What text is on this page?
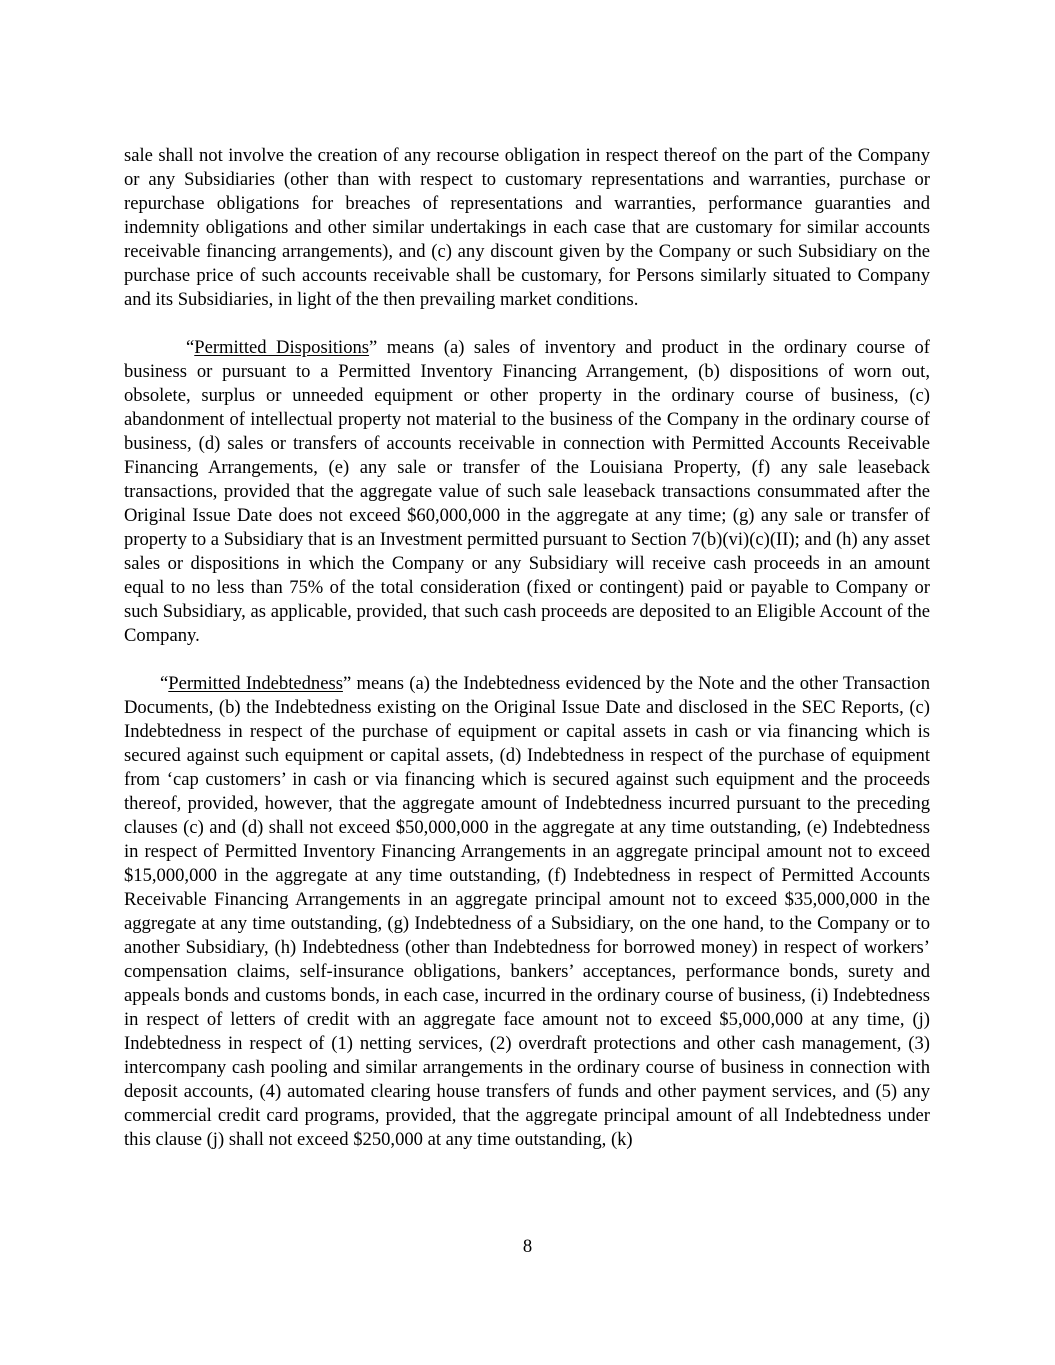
sale shall not involve the creation of any recourse obligation in respect thereof on the part of the Company or any Subsidiaries (other than with respect to customary representations and warranties, purchase or repurchase obligations for breaches of representations and warranties, performance guaranties and indemnity obligations and other similar undertakings in each case that are customary for similar accounts receivable financing arrangements), and (c) any discount given by the Company or such Subsidiary on the purchase price of such accounts receivable shall be customary, for Persons similarly situated to Company and its Subsidiaries, in light of the then prevailing market conditions.

“Permitted Dispositions” means (a) sales of inventory and product in the ordinary course of business or pursuant to a Permitted Inventory Financing Arrangement, (b) dispositions of worn out, obsolete, surplus or unneeded equipment or other property in the ordinary course of business, (c) abandonment of intellectual property not material to the business of the Company in the ordinary course of business, (d) sales or transfers of accounts receivable in connection with Permitted Accounts Receivable Financing Arrangements, (e) any sale or transfer of the Louisiana Property, (f) any sale leaseback transactions, provided that the aggregate value of such sale leaseback transactions consummated after the Original Issue Date does not exceed $60,000,000 in the aggregate at any time; (g) any sale or transfer of property to a Subsidiary that is an Investment permitted pursuant to Section 7(b)(vi)(c)(II); and (h) any asset sales or dispositions in which the Company or any Subsidiary will receive cash proceeds in an amount equal to no less than 75% of the total consideration (fixed or contingent) paid or payable to Company or such Subsidiary, as applicable, provided, that such cash proceeds are deposited to an Eligible Account of the Company.

“Permitted Indebtedness” means (a) the Indebtedness evidenced by the Note and the other Transaction Documents, (b) the Indebtedness existing on the Original Issue Date and disclosed in the SEC Reports, (c) Indebtedness in respect of the purchase of equipment or capital assets in cash or via financing which is secured against such equipment or capital assets, (d) Indebtedness in respect of the purchase of equipment from ‘cap customers’ in cash or via financing which is secured against such equipment and the proceeds thereof, provided, however, that the aggregate amount of Indebtedness incurred pursuant to the preceding clauses (c) and (d) shall not exceed $50,000,000 in the aggregate at any time outstanding, (e) Indebtedness in respect of Permitted Inventory Financing Arrangements in an aggregate principal amount not to exceed $15,000,000 in the aggregate at any time outstanding, (f) Indebtedness in respect of Permitted Accounts Receivable Financing Arrangements in an aggregate principal amount not to exceed $35,000,000 in the aggregate at any time outstanding, (g) Indebtedness of a Subsidiary, on the one hand, to the Company or to another Subsidiary, (h) Indebtedness (other than Indebtedness for borrowed money) in respect of workers’ compensation claims, self-insurance obligations, bankers’ acceptances, performance bonds, surety and appeals bonds and customs bonds, in each case, incurred in the ordinary course of business, (i) Indebtedness in respect of letters of credit with an aggregate face amount not to exceed $5,000,000 at any time, (j) Indebtedness in respect of (1) netting services, (2) overdraft protections and other cash management, (3) intercompany cash pooling and similar arrangements in the ordinary course of business in connection with deposit accounts, (4) automated clearing house transfers of funds and other payment services, and (5) any commercial credit card programs, provided, that the aggregate principal amount of all Indebtedness under this clause (j) shall not exceed $250,000 at any time outstanding, (k)

8
